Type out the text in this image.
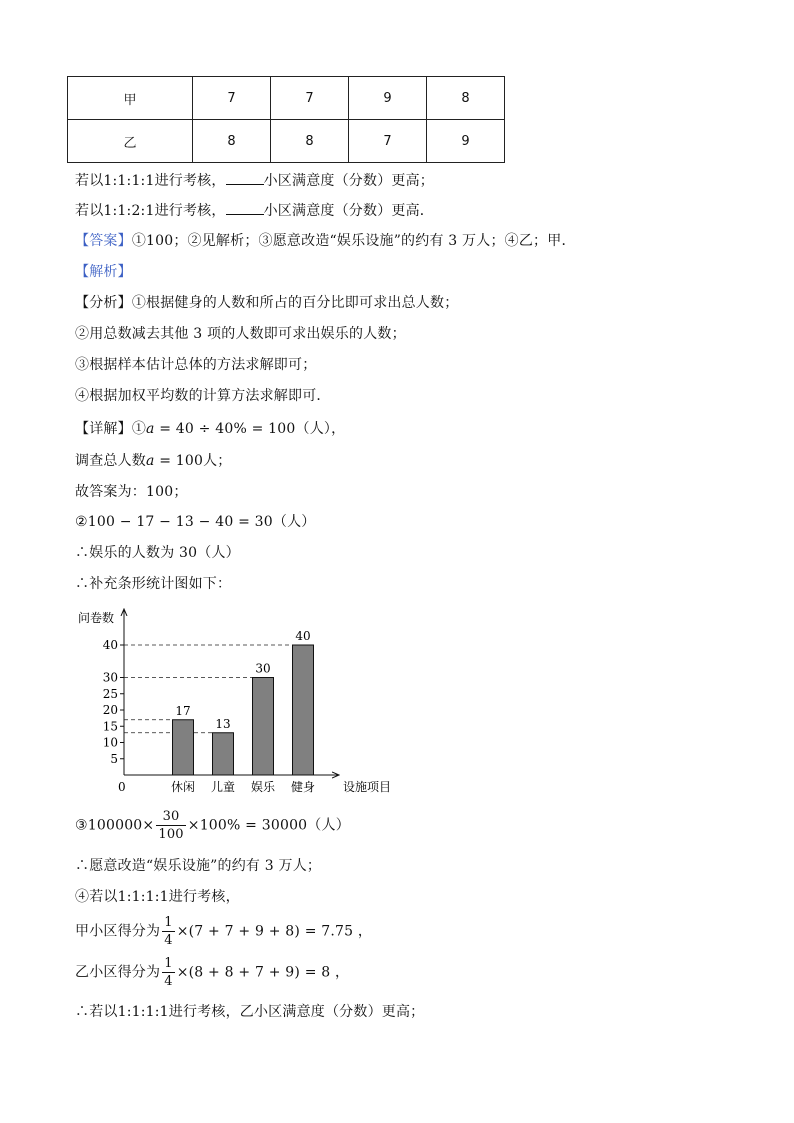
甲	7	7	9	8
乙	8	8	7	9
若以1:1:1:1进行考核，	小区满意度（分数）更高；
若以1:1:2:1进行考核，	小区满意度（分数）更高．
【答案】①100；②见解析；③愿意改造“娱乐设施”的约有 3 万人；④乙；甲．
【解析】
【分析】①根据健身的人数和所占的百分比即可求出总人数；
②用总数减去其他 3 项的人数即可求出娱乐的人数；
③根据样本估计总体的方法求解即可；
④根据加权平均数的计算方法求解即可．
【详解】①a = 40 ÷ 40% = 100（人），
调查总人数a = 100人；
故答案为：100；
②100 − 17 − 13 − 40 = 30（人）
∴娱乐的人数为 30（人）
∴补充条形统计图如下：
问卷数
设施项目
0
5
10
15
20
25
30
40
17
休闲
13
儿童
30
娱乐
40
健身
③100000× $\frac{30}{100} \times 100\% = 30000$（人）
∴愿意改造“娱乐设施”的约有 3 万人；
④若以1:1:1:1进行考核，
甲小区得分为 $\frac{1}{4} \times(7 + 7 + 9 + 8) = 7.75$ ，
乙小区得分为 $\frac{1}{4} \times(8 + 8 + 7 + 9) = 8$ ，
∴若以1:1:1:1进行考核，乙小区满意度（分数）更高；
